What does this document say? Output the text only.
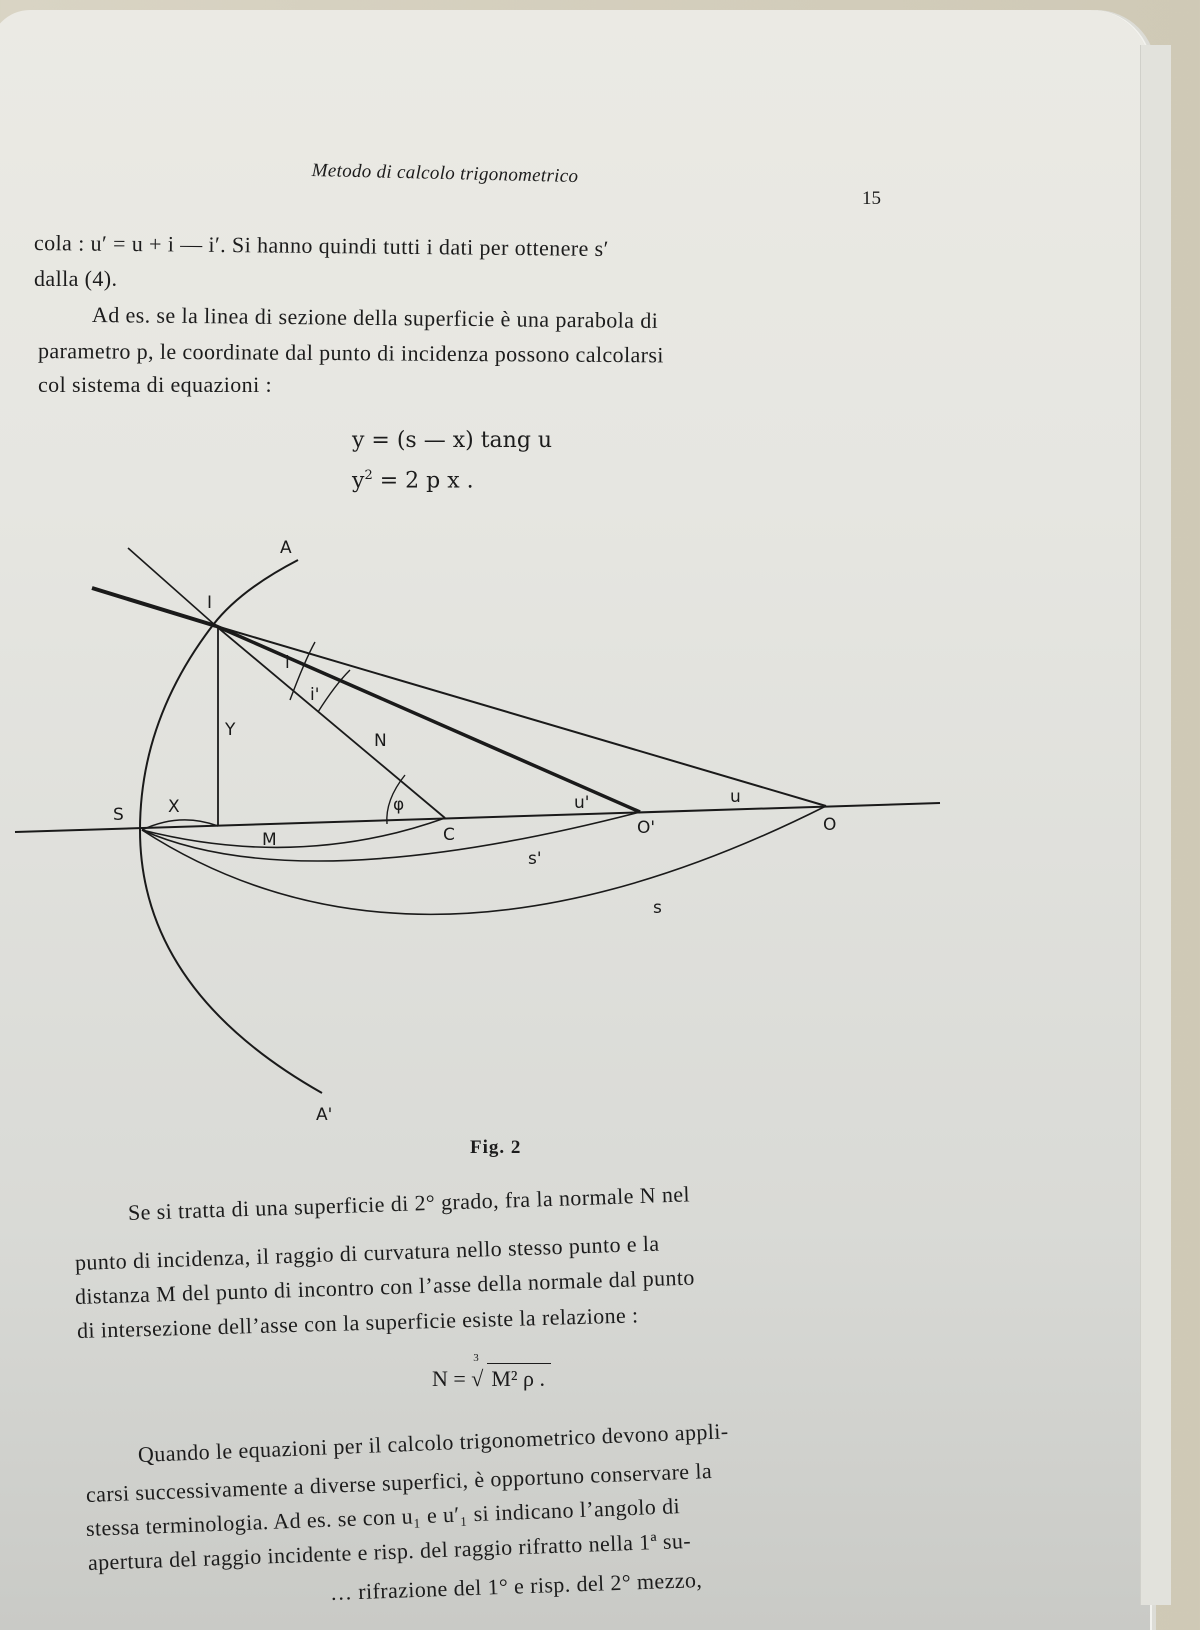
Metodo di calcolo trigonometrico
15
cola : u′ = u + i — i′. Si hanno quindi tutti i dati per ottenere s′
dalla (4).
Ad es. se la linea di sezione della superficie è una parabola di
parametro p, le coordinate dal punto di incidenza possono calcolarsi
col sistema di equazioni :
y = (s — x) tang u
$y^2 = 2$ p x .
A
I
i
i'
Y
N
S	X	φ
M	C
u'
O'
u
O
s'
s
A'
Fig. 2
Se si tratta di una superficie di 2° grado, fra la normale N nel
punto di incidenza, il raggio di curvatura nello stesso punto e la
distanza M del punto di incontro con l’asse della normale dal punto
di intersezione dell’asse con la superficie esiste la relazione :
N =
3
√ M² ρ .
Quando le equazioni per il calcolo trigonometrico devono appli-
carsi successivamente a diverse superfici, è opportuno conservare la
stessa terminologia. Ad es. se con u₁ e u′₁ si indicano l’angolo di
apertura del raggio incidente e risp. del raggio rifratto nella 1ª su-
… rifrazione del 1° e risp. del 2° mezzo,
